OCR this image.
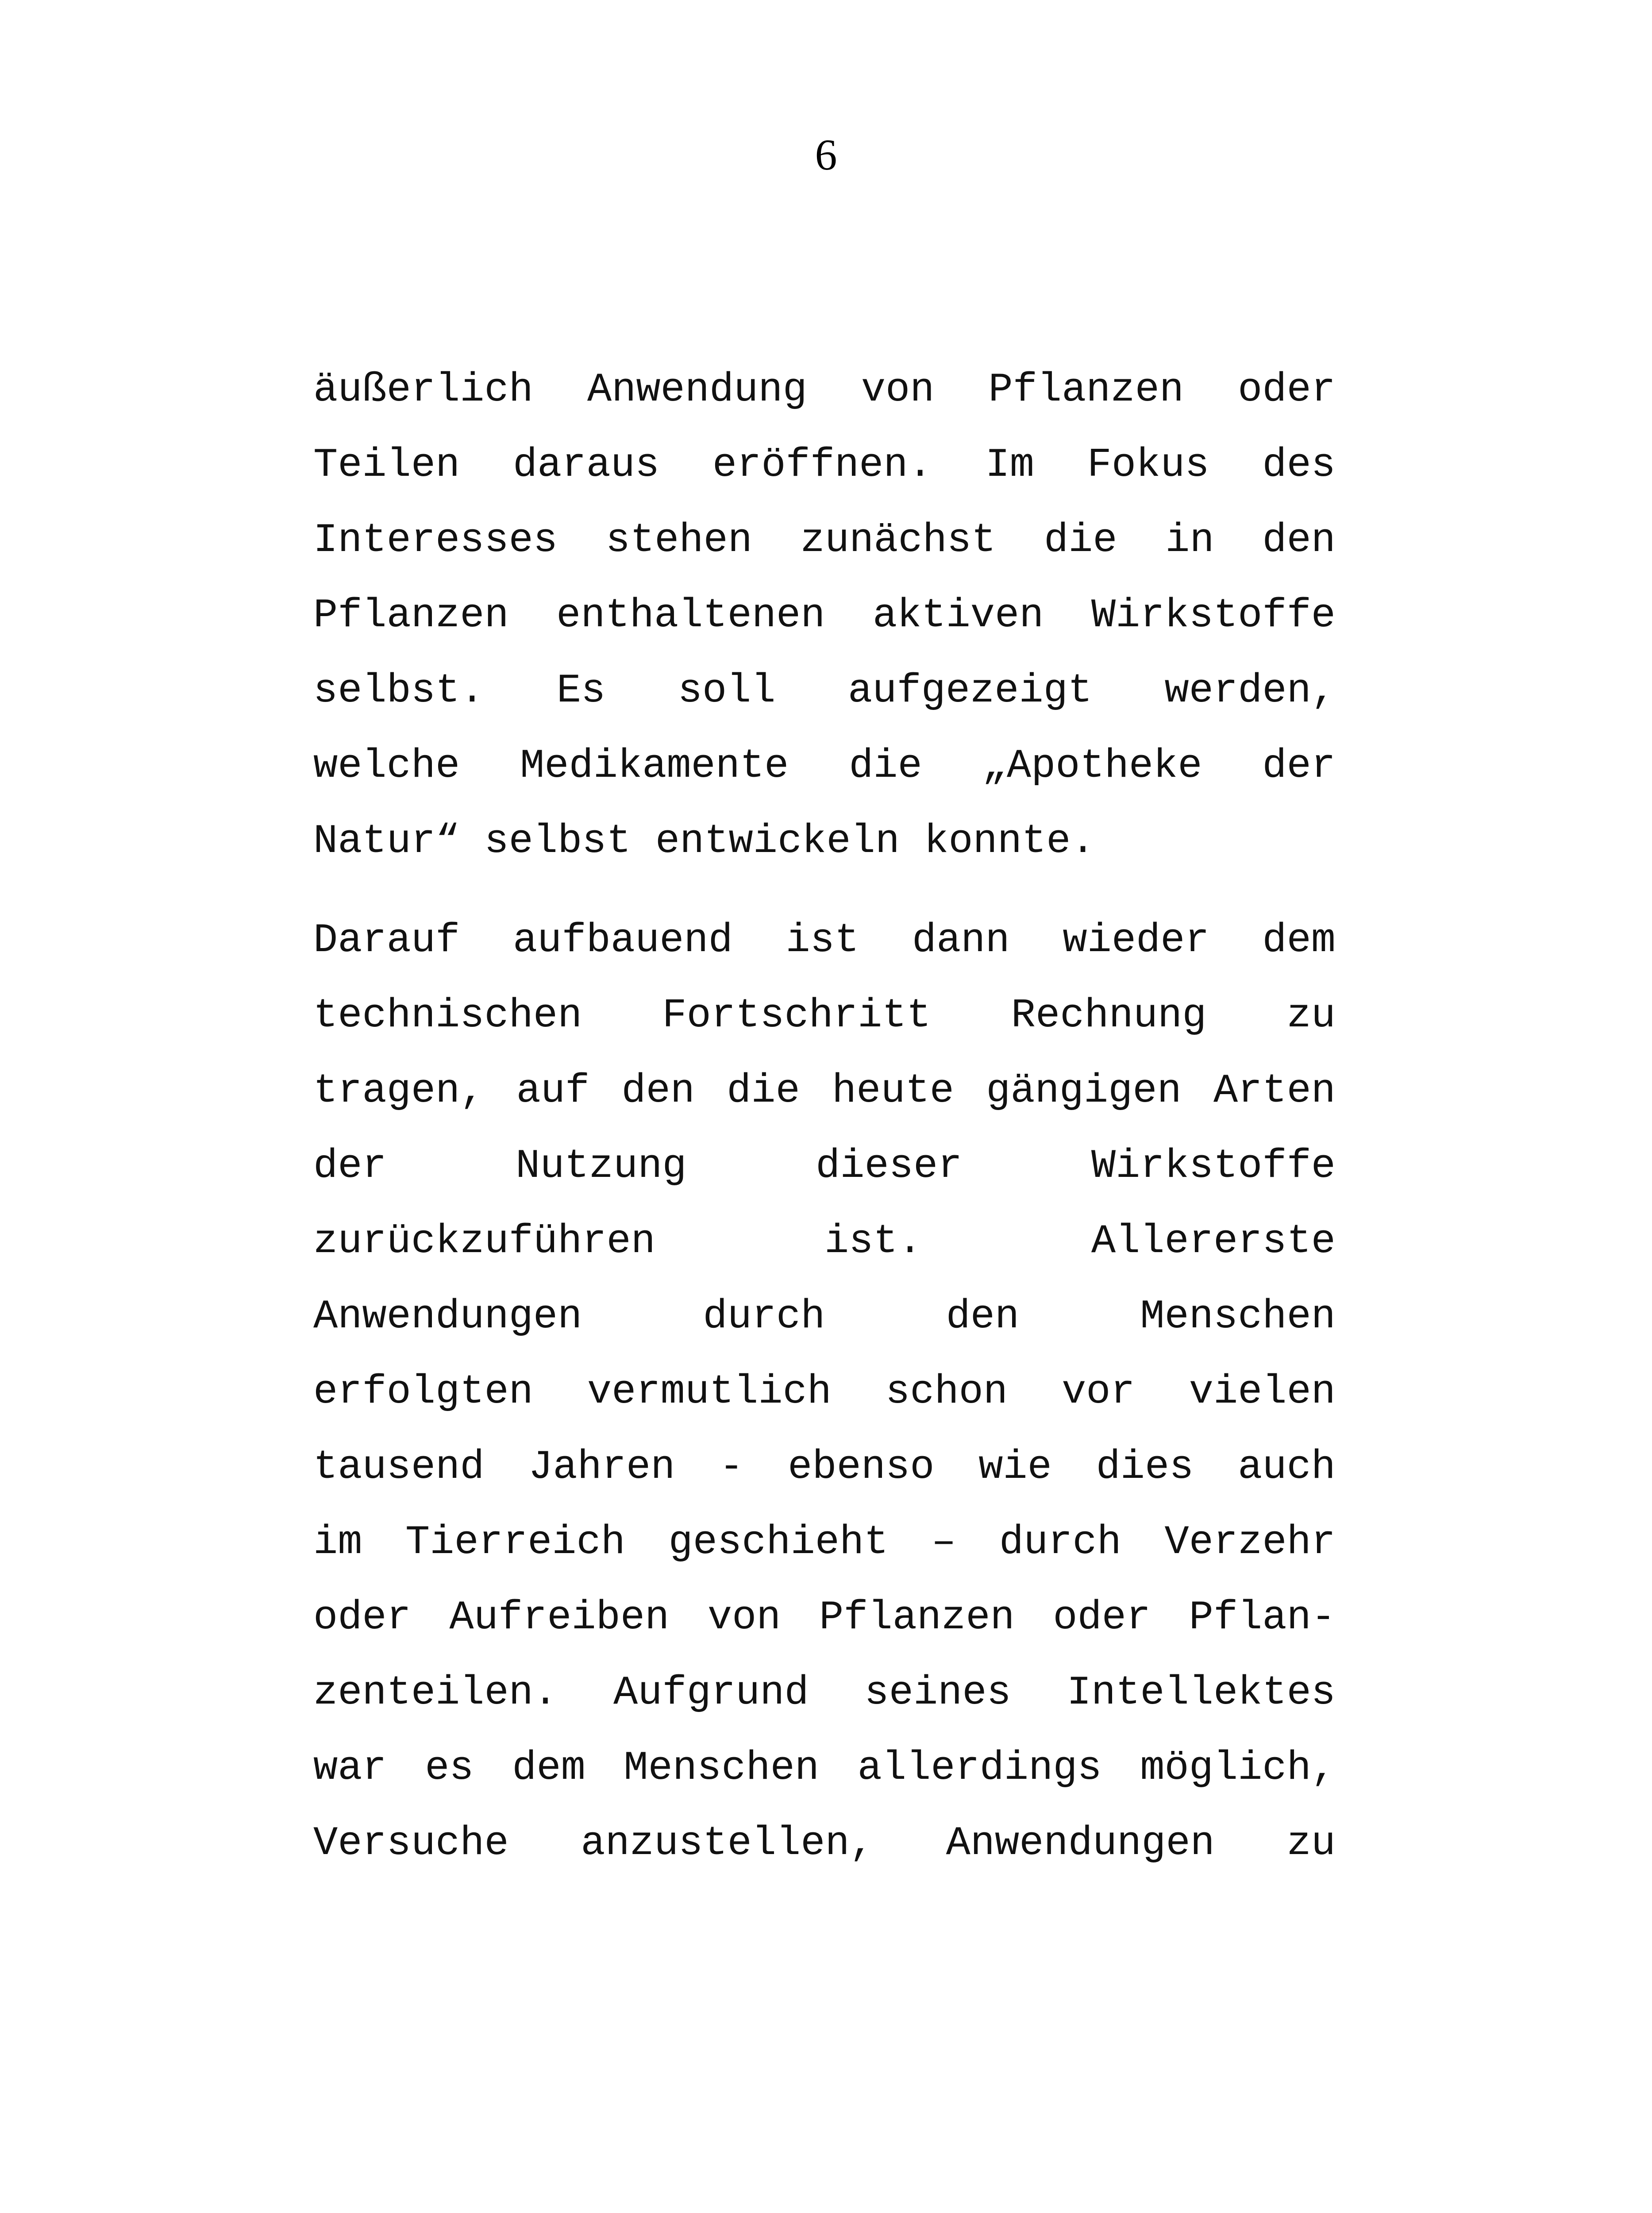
6
äußerlich Anwendung von Pflanzen oder
Teilen daraus eröffnen. Im Fokus des
Interesses stehen zunächst die in den
Pflanzen enthaltenen aktiven Wirkstoffe
selbst. Es soll aufgezeigt werden,
welche Medikamente die „Apotheke der
Natur“ selbst entwickeln konnte.
Darauf aufbauend ist dann wieder dem
technischen Fortschritt Rechnung zu
tragen, auf den die heute gängigen Arten
der Nutzung dieser Wirkstoffe
zurückzuführen ist. Allererste
Anwendungen durch den Menschen
erfolgten vermutlich schon vor vielen
tausend Jahren - ebenso wie dies auch
im Tierreich geschieht – durch Verzehr
oder Aufreiben von Pflanzen oder Pflan-
zenteilen. Aufgrund seines Intellektes
war es dem Menschen allerdings möglich,
Versuche anzustellen, Anwendungen zu
